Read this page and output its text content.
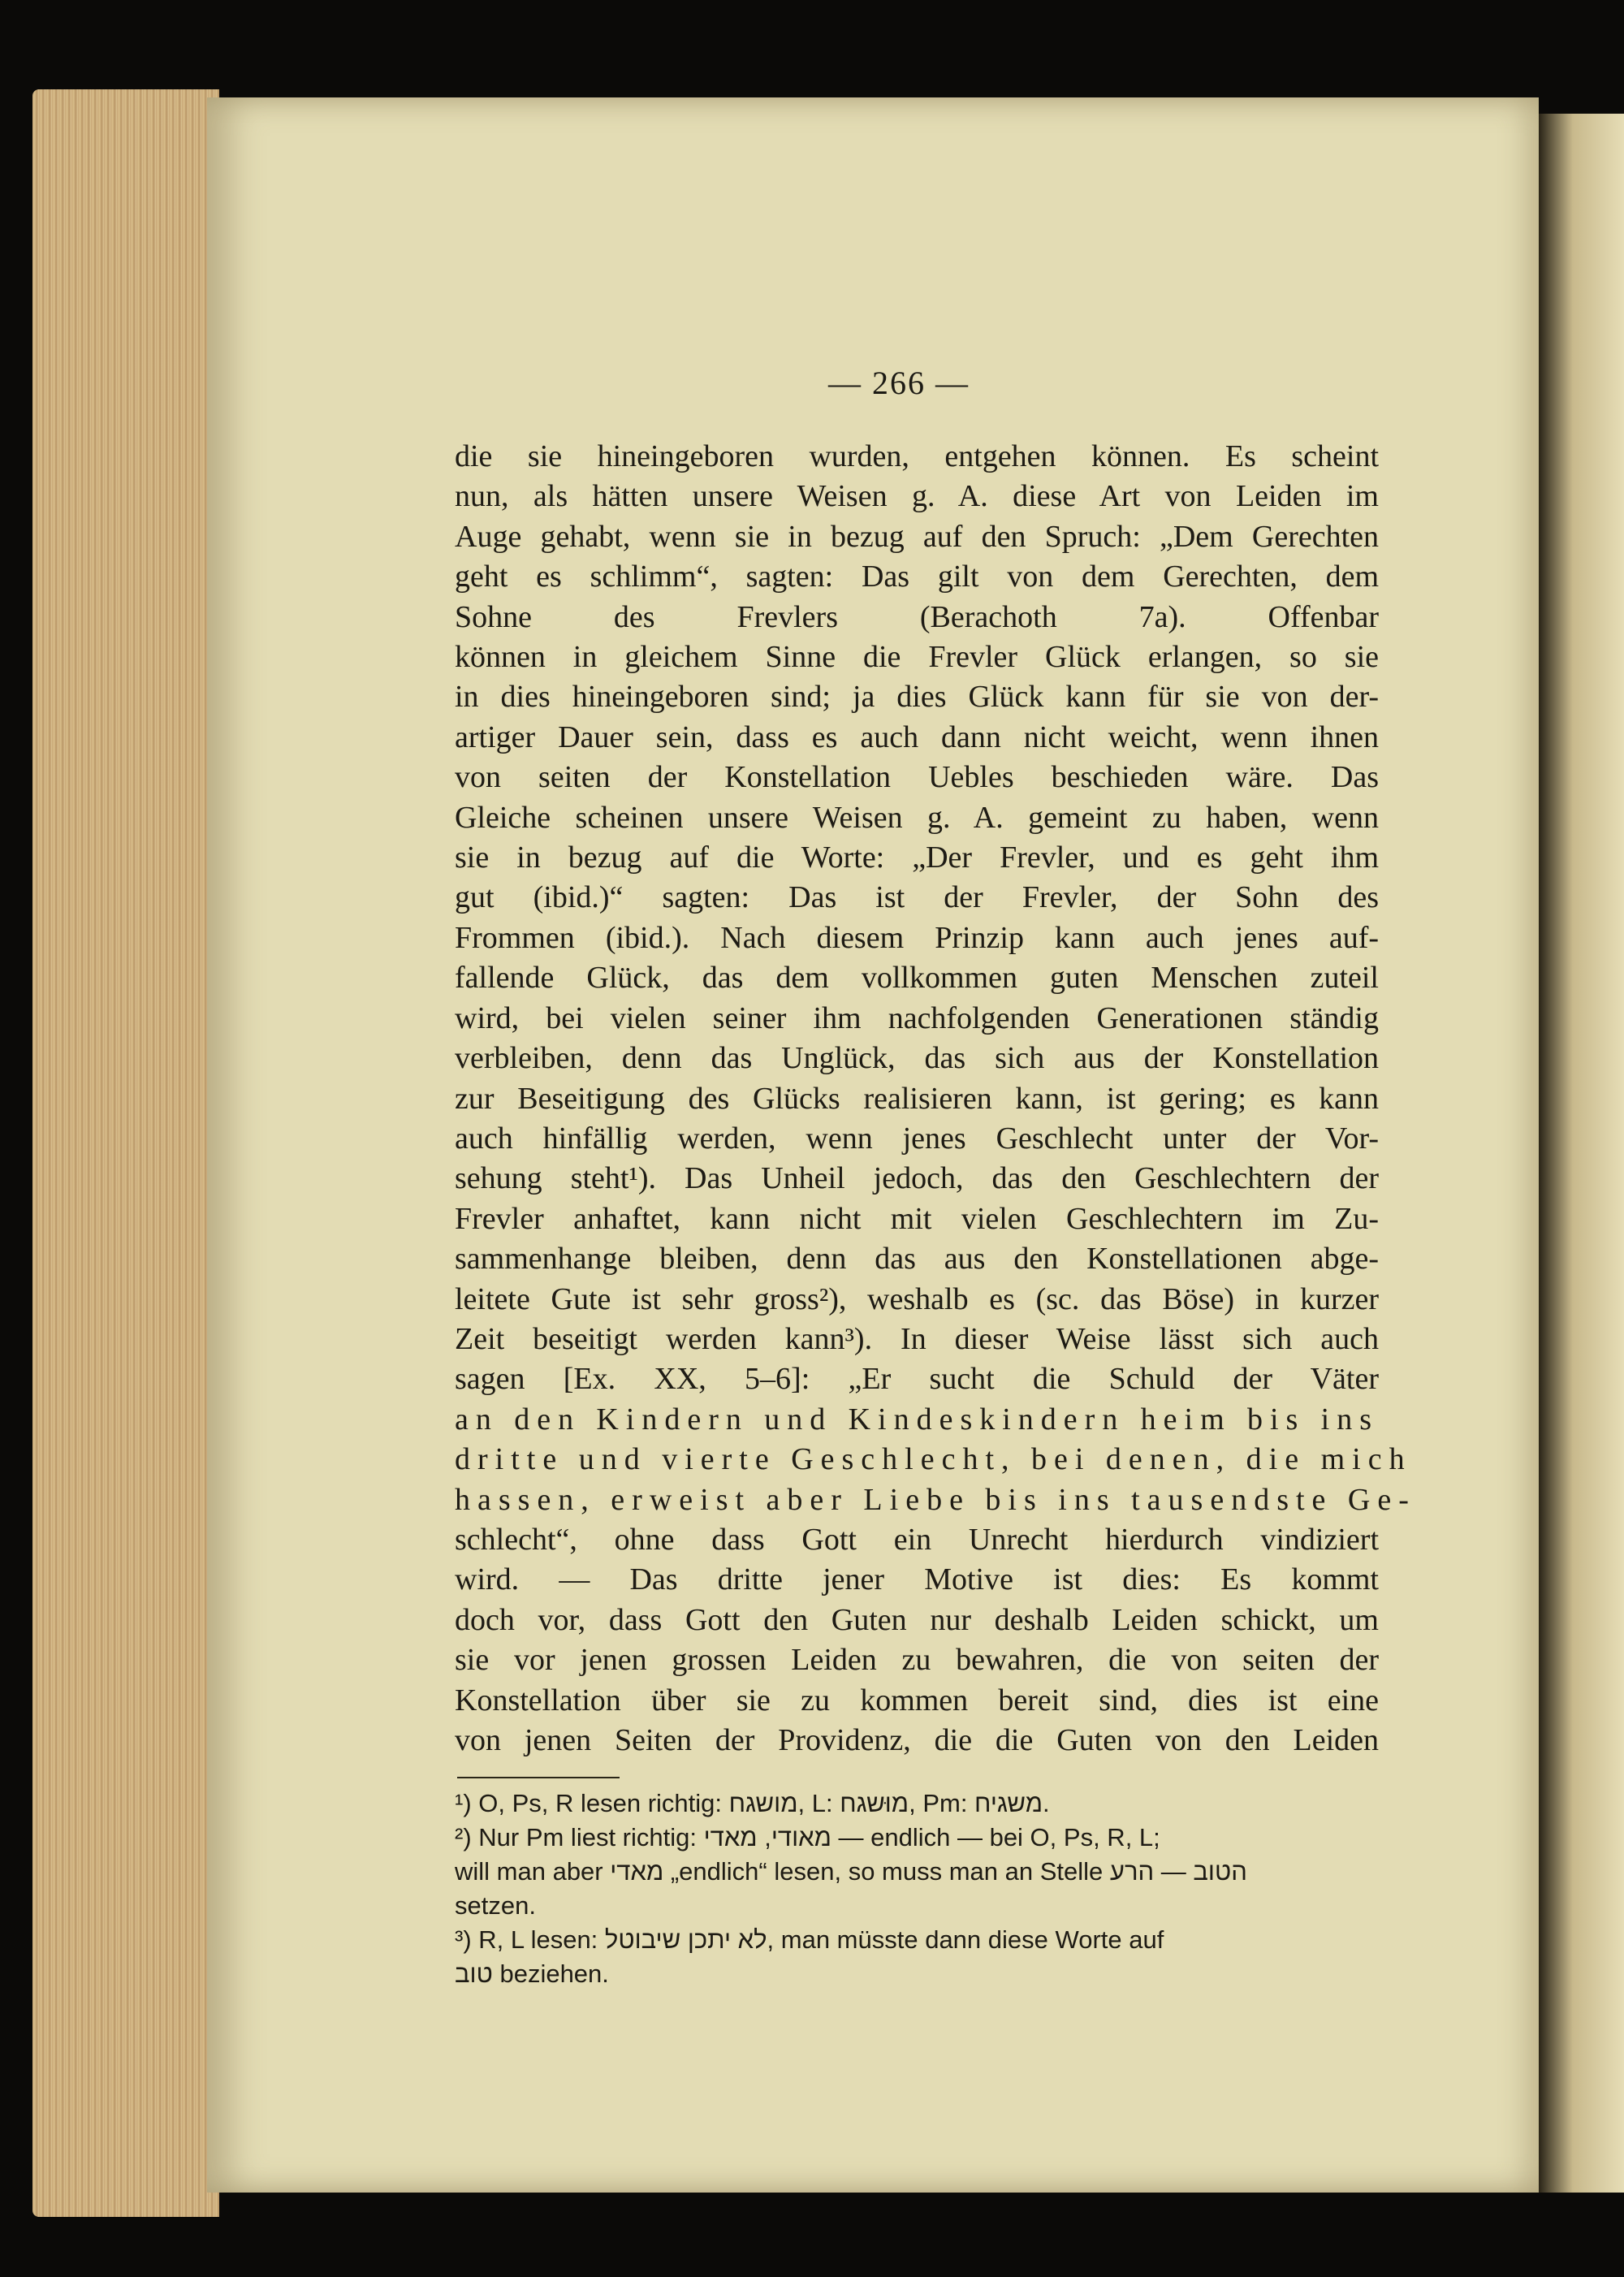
— 266 —
die sie hineingeboren wurden, entgehen können. Es scheint
nun, als hätten unsere Weisen g. A. diese Art von Leiden im
Auge gehabt, wenn sie in bezug auf den Spruch: „Dem Gerechten
geht es schlimm“, sagten: Das gilt von dem Gerechten, dem
Sohne des Frevlers (Berachoth 7a). Offenbar
können in gleichem Sinne die Frevler Glück erlangen, so sie
in dies hineingeboren sind; ja dies Glück kann für sie von der-
artiger Dauer sein, dass es auch dann nicht weicht, wenn ihnen
von seiten der Konstellation Uebles beschieden wäre. Das
Gleiche scheinen unsere Weisen g. A. gemeint zu haben, wenn
sie in bezug auf die Worte: „Der Frevler, und es geht ihm
gut (ibid.)“ sagten: Das ist der Frevler, der Sohn des
Frommen (ibid.). Nach diesem Prinzip kann auch jenes auf-
fallende Glück, das dem vollkommen guten Menschen zuteil
wird, bei vielen seiner ihm nachfolgenden Generationen ständig
verbleiben, denn das Unglück, das sich aus der Konstellation
zur Beseitigung des Glücks realisieren kann, ist gering; es kann
auch hinfällig werden, wenn jenes Geschlecht unter der Vor-
sehung steht¹). Das Unheil jedoch, das den Geschlechtern der
Frevler anhaftet, kann nicht mit vielen Geschlechtern im Zu-
sammenhange bleiben, denn das aus den Konstellationen abge-
leitete Gute ist sehr gross²), weshalb es (sc. das Böse) in kurzer
Zeit beseitigt werden kann³). In dieser Weise lässt sich auch
sagen [Ex. XX, 5–6]: „Er sucht die Schuld der Väter
an den Kindern und Kindeskindern heim bis ins
dritte und vierte Geschlecht, bei denen, die mich
hassen, erweist aber Liebe bis ins tausendste Ge-
schlecht“, ohne dass Gott ein Unrecht hierdurch vindiziert
wird. — Das dritte jener Motive ist dies: Es kommt
doch vor, dass Gott den Guten nur deshalb Leiden schickt, um
sie vor jenen grossen Leiden zu bewahren, die von seiten der
Konstellation über sie zu kommen bereit sind, dies ist eine
von jenen Seiten der Providenz, die die Guten von den Leiden
¹) O, Ps, R lesen richtig: מושגח, L: מוּשגח, Pm: משגיח.
²) Nur Pm liest richtig: מאודי, מאדי — endlich — bei O, Ps, R, L;
will man aber מאדי „endlich“ lesen, so muss man an Stelle הטוב — הרע
setzen.
³) R, L lesen: לא יתכן שיבוטל, man müsste dann diese Worte auf
טוב beziehen.
